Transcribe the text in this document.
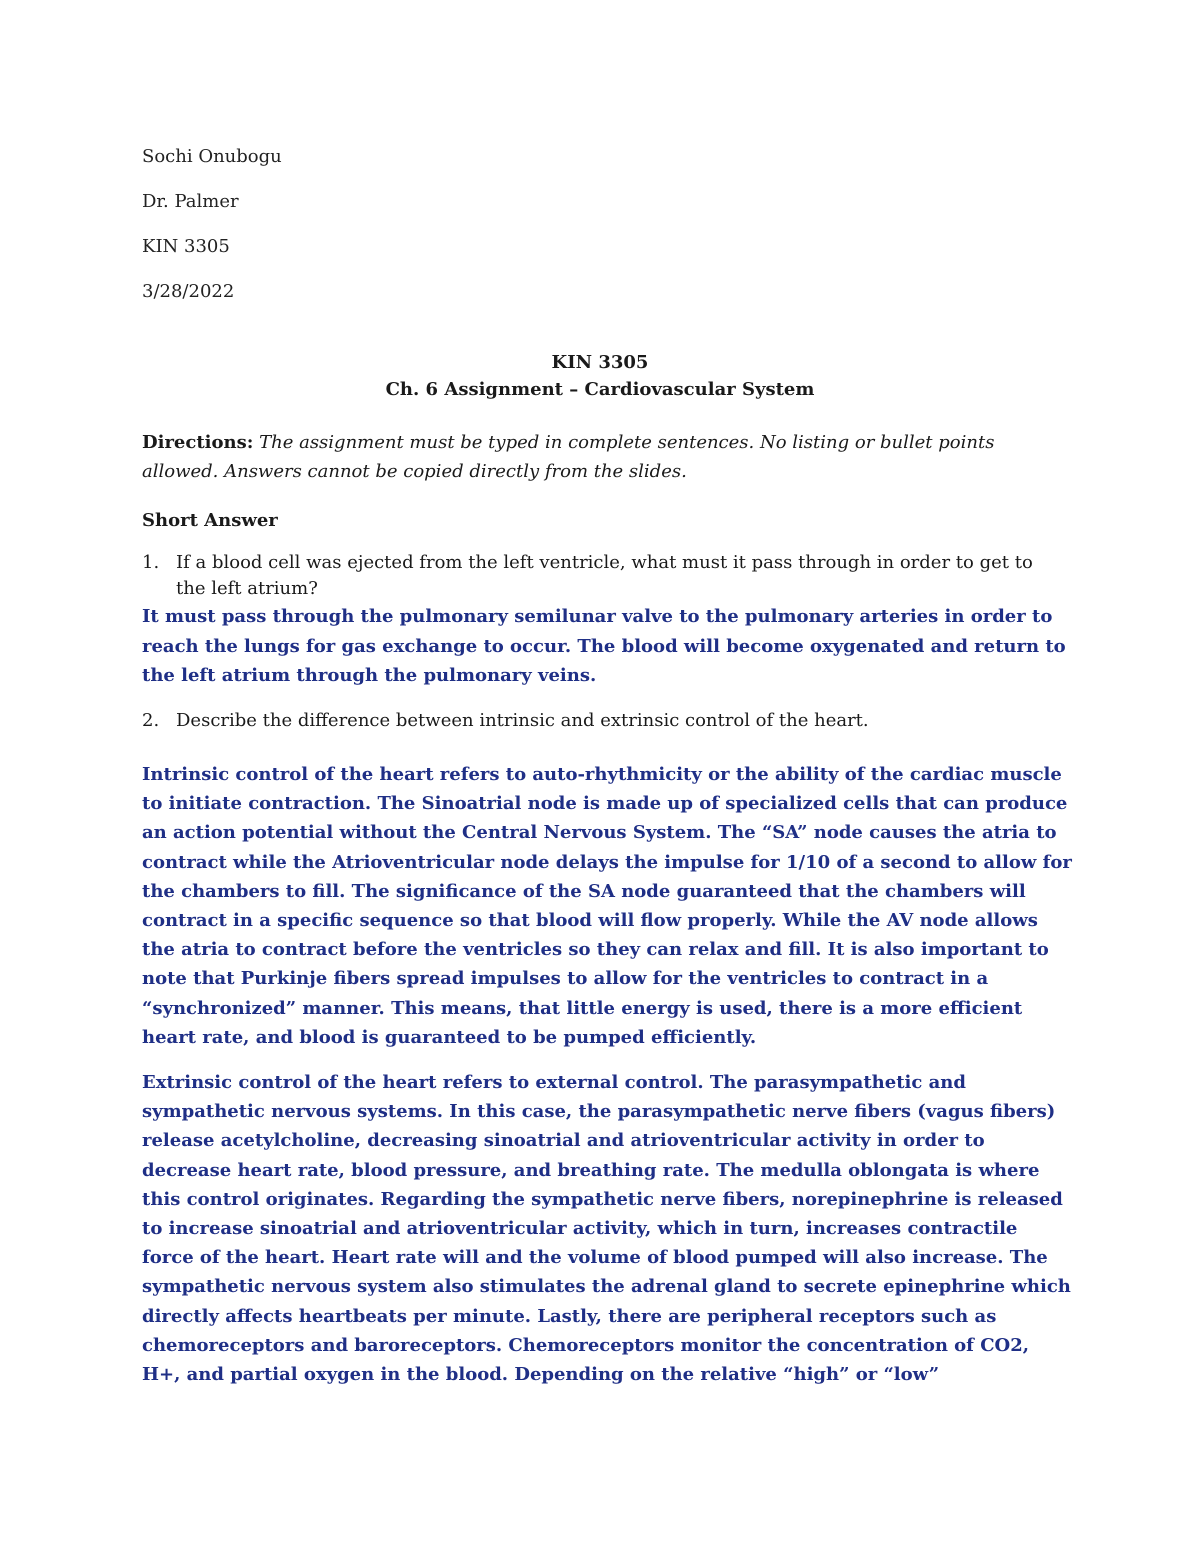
Sochi Onubogu

Dr. Palmer

KIN 3305

3/28/2022

KIN 3305

Ch. 6 Assignment – Cardiovascular System

Directions: The assignment must be typed in complete sentences. No listing or bullet points allowed. Answers cannot be copied directly from the slides.

Short Answer

1. If a blood cell was ejected from the left ventricle, what must it pass through in order to get to

the left atrium?

It must pass through the pulmonary semilunar valve to the pulmonary arteries in order to

reach the lungs for gas exchange to occur. The blood will become oxygenated and return to

the left atrium through the pulmonary veins.

2. Describe the difference between intrinsic and extrinsic control of the heart.

Intrinsic control of the heart refers to auto-rhythmicity or the ability of the cardiac muscle

to initiate contraction. The Sinoatrial node is made up of specialized cells that can produce

an action potential without the Central Nervous System. The “SA” node causes the atria to

contract while the Atrioventricular node delays the impulse for 1/10 of a second to allow for

the chambers to fill. The significance of the SA node guaranteed that the chambers will

contract in a specific sequence so that blood will flow properly. While the AV node allows

the atria to contract before the ventricles so they can relax and fill. It is also important to

note that Purkinje fibers spread impulses to allow for the ventricles to contract in a

“synchronized” manner. This means, that little energy is used, there is a more efficient

heart rate, and blood is guaranteed to be pumped efficiently.

Extrinsic control of the heart refers to external control. The parasympathetic and

sympathetic nervous systems. In this case, the parasympathetic nerve fibers (vagus fibers)

release acetylcholine, decreasing sinoatrial and atrioventricular activity in order to

decrease heart rate, blood pressure, and breathing rate. The medulla oblongata is where

this control originates. Regarding the sympathetic nerve fibers, norepinephrine is released

to increase sinoatrial and atrioventricular activity, which in turn, increases contractile

force of the heart. Heart rate will and the volume of blood pumped will also increase. The

sympathetic nervous system also stimulates the adrenal gland to secrete epinephrine which

directly affects heartbeats per minute. Lastly, there are peripheral receptors such as

chemoreceptors and baroreceptors. Chemoreceptors monitor the concentration of CO2,

H+, and partial oxygen in the blood. Depending on the relative “high” or “low”
